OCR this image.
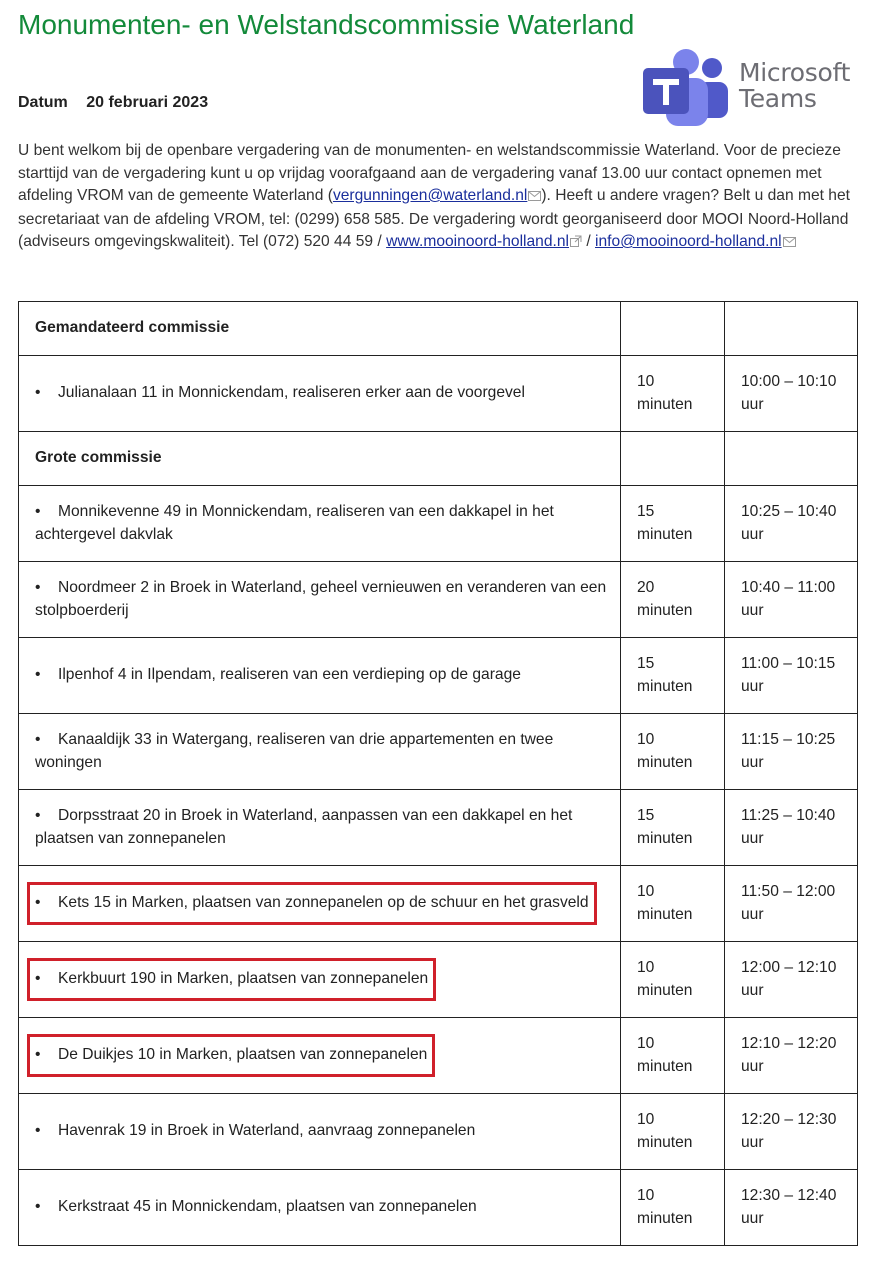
Monumenten- en Welstandscommissie Waterland
Microsoft
Teams
Datum 20 februari 2023

U bent welkom bij de openbare vergadering van de monumenten- en welstandscommissie Waterland. Voor de precieze starttijd van de vergadering kunt u op vrijdag voorafgaand aan de vergadering vanaf 13.00 uur contact opnemen met afdeling VROM van de gemeente Waterland (vergunningen@waterland.nl ). Heeft u andere vragen? Belt u dan met het secretariaat van de afdeling VROM, tel: (0299) 658 585. De vergadering wordt georganiseerd door MOOI Noord-Holland (adviseurs omgevingskwaliteit). Tel (072) 520 44 59 / www.mooinoord-holland.nl / info@mooinoord-holland.nl

Gemandateerd commissie		
• Julianalaan 11 in Monnickendam, realiseren erker aan de voorgevel	10 minuten	10:00 – 10:10 uur
Grote commissie		
• Monnikevenne 49 in Monnickendam, realiseren van een dakkapel in het achtergevel dakvlak	15 minuten	10:25 – 10:40 uur
• Noordmeer 2 in Broek in Waterland, geheel vernieuwen en veranderen van een stolpboerderij	20 minuten	10:40 – 11:00 uur
• Ilpenhof 4 in Ilpendam, realiseren van een verdieping op de garage	15 minuten	11:00 – 10:15 uur
• Kanaaldijk 33 in Watergang, realiseren van drie appartementen en twee woningen	10 minuten	11:15 – 10:25 uur
• Dorpsstraat 20 in Broek in Waterland, aanpassen van een dakkapel en het plaatsen van zonnepanelen	15 minuten	11:25 – 10:40 uur
• Kets 15 in Marken, plaatsen van zonnepanelen op de schuur en het grasveld	10 minuten	11:50 – 12:00 uur
• Kerkbuurt 190 in Marken, plaatsen van zonnepanelen	10 minuten	12:00 – 12:10 uur
• De Duikjes 10 in Marken, plaatsen van zonnepanelen	10 minuten	12:10 – 12:20 uur
• Havenrak 19 in Broek in Waterland, aanvraag zonnepanelen	10 minuten	12:20 – 12:30 uur
• Kerkstraat 45 in Monnickendam, plaatsen van zonnepanelen	10 minuten	12:30 – 12:40 uur
